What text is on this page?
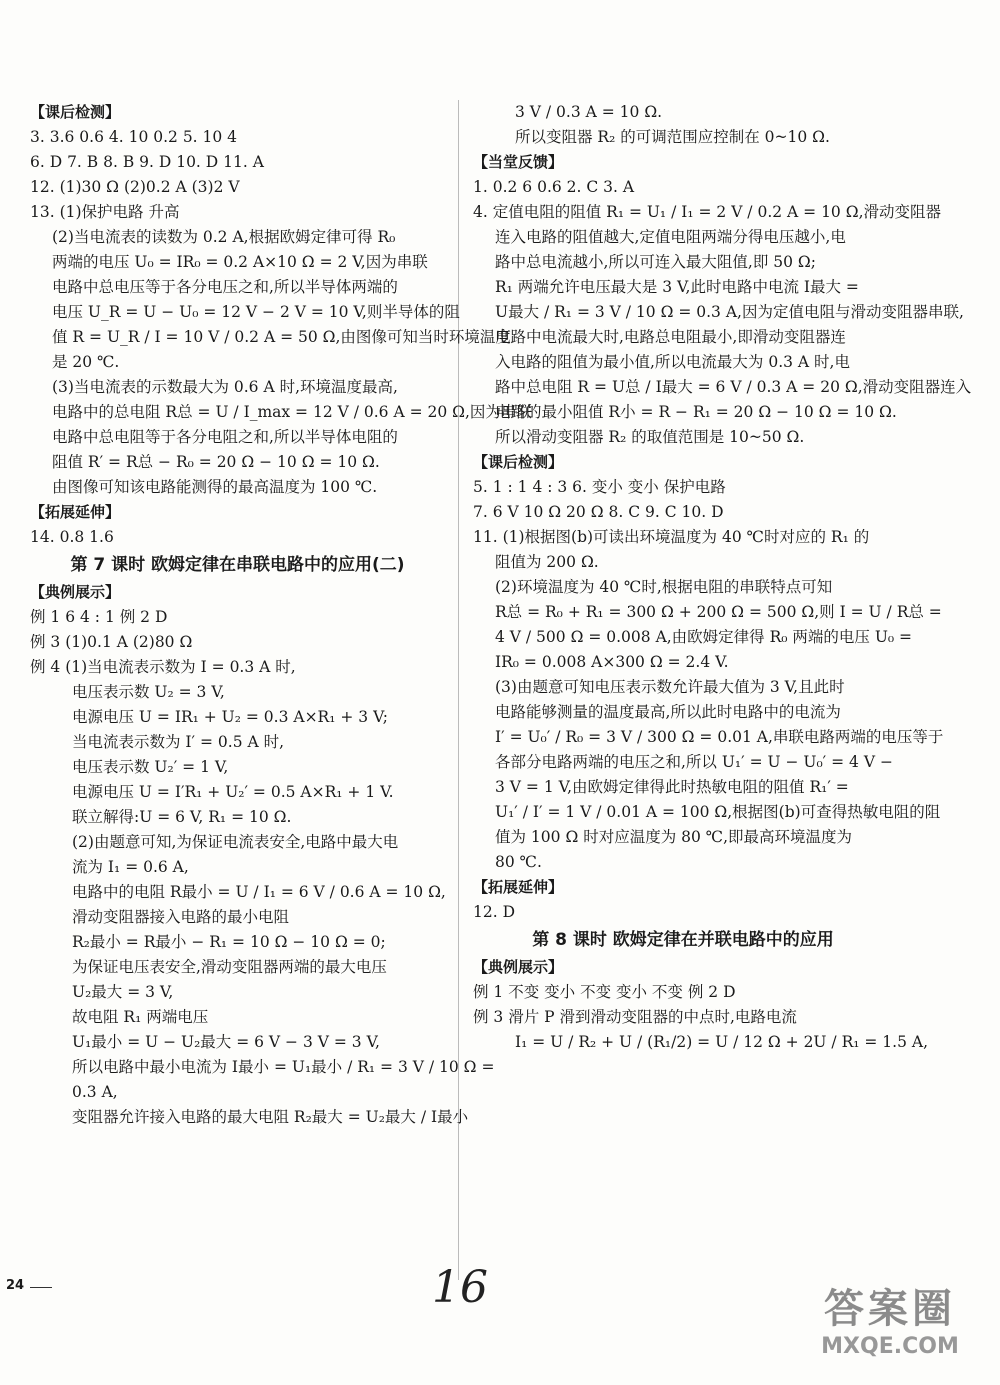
【课后检测】
3. 3.6 0.6 4. 10 0.2 5. 10 4
6. D 7. B 8. B 9. D 10. D 11. A
12. (1)30 Ω (2)0.2 A (3)2 V
13. (1)保护电路 升高
(2)当电流表的读数为 0.2 A,根据欧姆定律可得 R₀
两端的电压 U₀ = IR₀ = 0.2 A×10 Ω = 2 V,因为串联
电路中总电压等于各分电压之和,所以半导体两端的
电压 U_R = U − U₀ = 12 V − 2 V = 10 V,则半导体的阻
值 R = U_R / I = 10 V / 0.2 A = 50 Ω,由图像可知当时环境温度
是 20 ℃.
(3)当电流表的示数最大为 0.6 A 时,环境温度最高,
电路中的总电阻 R总 = U / I_max = 12 V / 0.6 A = 20 Ω,因为串联
电路中总电阻等于各分电阻之和,所以半导体电阻的
阻值 R′ = R总 − R₀ = 20 Ω − 10 Ω = 10 Ω.
由图像可知该电路能测得的最高温度为 100 ℃.
【拓展延伸】
14. 0.8 1.6
第 7 课时 欧姆定律在串联电路中的应用(二)
【典例展示】
例 1 6 4 : 1 例 2 D
例 3 (1)0.1 A (2)80 Ω
例 4 (1)当电流表示数为 I = 0.3 A 时,
电压表示数 U₂ = 3 V,
电源电压 U = IR₁ + U₂ = 0.3 A×R₁ + 3 V;
当电流表示数为 I′ = 0.5 A 时,
电压表示数 U₂′ = 1 V,
电源电压 U = I′R₁ + U₂′ = 0.5 A×R₁ + 1 V.
联立解得:U = 6 V, R₁ = 10 Ω.
(2)由题意可知,为保证电流表安全,电路中最大电
流为 I₁ = 0.6 A,
电路中的电阻 R最小 = U / I₁ = 6 V / 0.6 A = 10 Ω,
滑动变阻器接入电路的最小电阻
R₂最小 = R最小 − R₁ = 10 Ω − 10 Ω = 0;
为保证电压表安全,滑动变阻器两端的最大电压
U₂最大 = 3 V,
故电阻 R₁ 两端电压
U₁最小 = U − U₂最大 = 6 V − 3 V = 3 V,
所以电路中最小电流为 I最小 = U₁最小 / R₁ = 3 V / 10 Ω =
0.3 A,
变阻器允许接入电路的最大电阻 R₂最大 = U₂最大 / I最小
3 V / 0.3 A = 10 Ω.
所以变阻器 R₂ 的可调范围应控制在 0~10 Ω.
【当堂反馈】
1. 0.2 6 0.6 2. C 3. A
4. 定值电阻的阻值 R₁ = U₁ / I₁ = 2 V / 0.2 A = 10 Ω,滑动变阻器
连入电路的阻值越大,定值电阻两端分得电压越小,电
路中总电流越小,所以可连入最大阻值,即 50 Ω;
R₁ 两端允许电压最大是 3 V,此时电路中电流 I最大 =
U最大 / R₁ = 3 V / 10 Ω = 0.3 A,因为定值电阻与滑动变阻器串联,
电路中电流最大时,电路总电阻最小,即滑动变阻器连
入电路的阻值为最小值,所以电流最大为 0.3 A 时,电
路中总电阻 R = U总 / I最大 = 6 V / 0.3 A = 20 Ω,滑动变阻器连入
电路的最小阻值 R小 = R − R₁ = 20 Ω − 10 Ω = 10 Ω.
所以滑动变阻器 R₂ 的取值范围是 10~50 Ω.
【课后检测】
5. 1 : 1 4 : 3 6. 变小 变小 保护电路
7. 6 V 10 Ω 20 Ω 8. C 9. C 10. D
11. (1)根据图(b)可读出环境温度为 40 ℃时对应的 R₁ 的
阻值为 200 Ω.
(2)环境温度为 40 ℃时,根据电阻的串联特点可知
R总 = R₀ + R₁ = 300 Ω + 200 Ω = 500 Ω,则 I = U / R总 =
4 V / 500 Ω = 0.008 A,由欧姆定律得 R₀ 两端的电压 U₀ =
IR₀ = 0.008 A×300 Ω = 2.4 V.
(3)由题意可知电压表示数允许最大值为 3 V,且此时
电路能够测量的温度最高,所以此时电路中的电流为
I′ = U₀′ / R₀ = 3 V / 300 Ω = 0.01 A,串联电路两端的电压等于
各部分电路两端的电压之和,所以 U₁′ = U − U₀′ = 4 V −
3 V = 1 V,由欧姆定律得此时热敏电阻的阻值 R₁′ =
U₁′ / I′ = 1 V / 0.01 A = 100 Ω,根据图(b)可查得热敏电阻的阻
值为 100 Ω 时对应温度为 80 ℃,即最高环境温度为
80 ℃.
【拓展延伸】
12. D
第 8 课时 欧姆定律在并联电路中的应用
【典例展示】
例 1 不变 变小 不变 变小 不变 例 2 D
例 3 滑片 P 滑到滑动变阻器的中点时,电路电流
I₁ = U / R₂ + U / (R₁/2) = U / 12 Ω + 2U / R₁ = 1.5 A,
24	16	答案圈
MXQE.COM
